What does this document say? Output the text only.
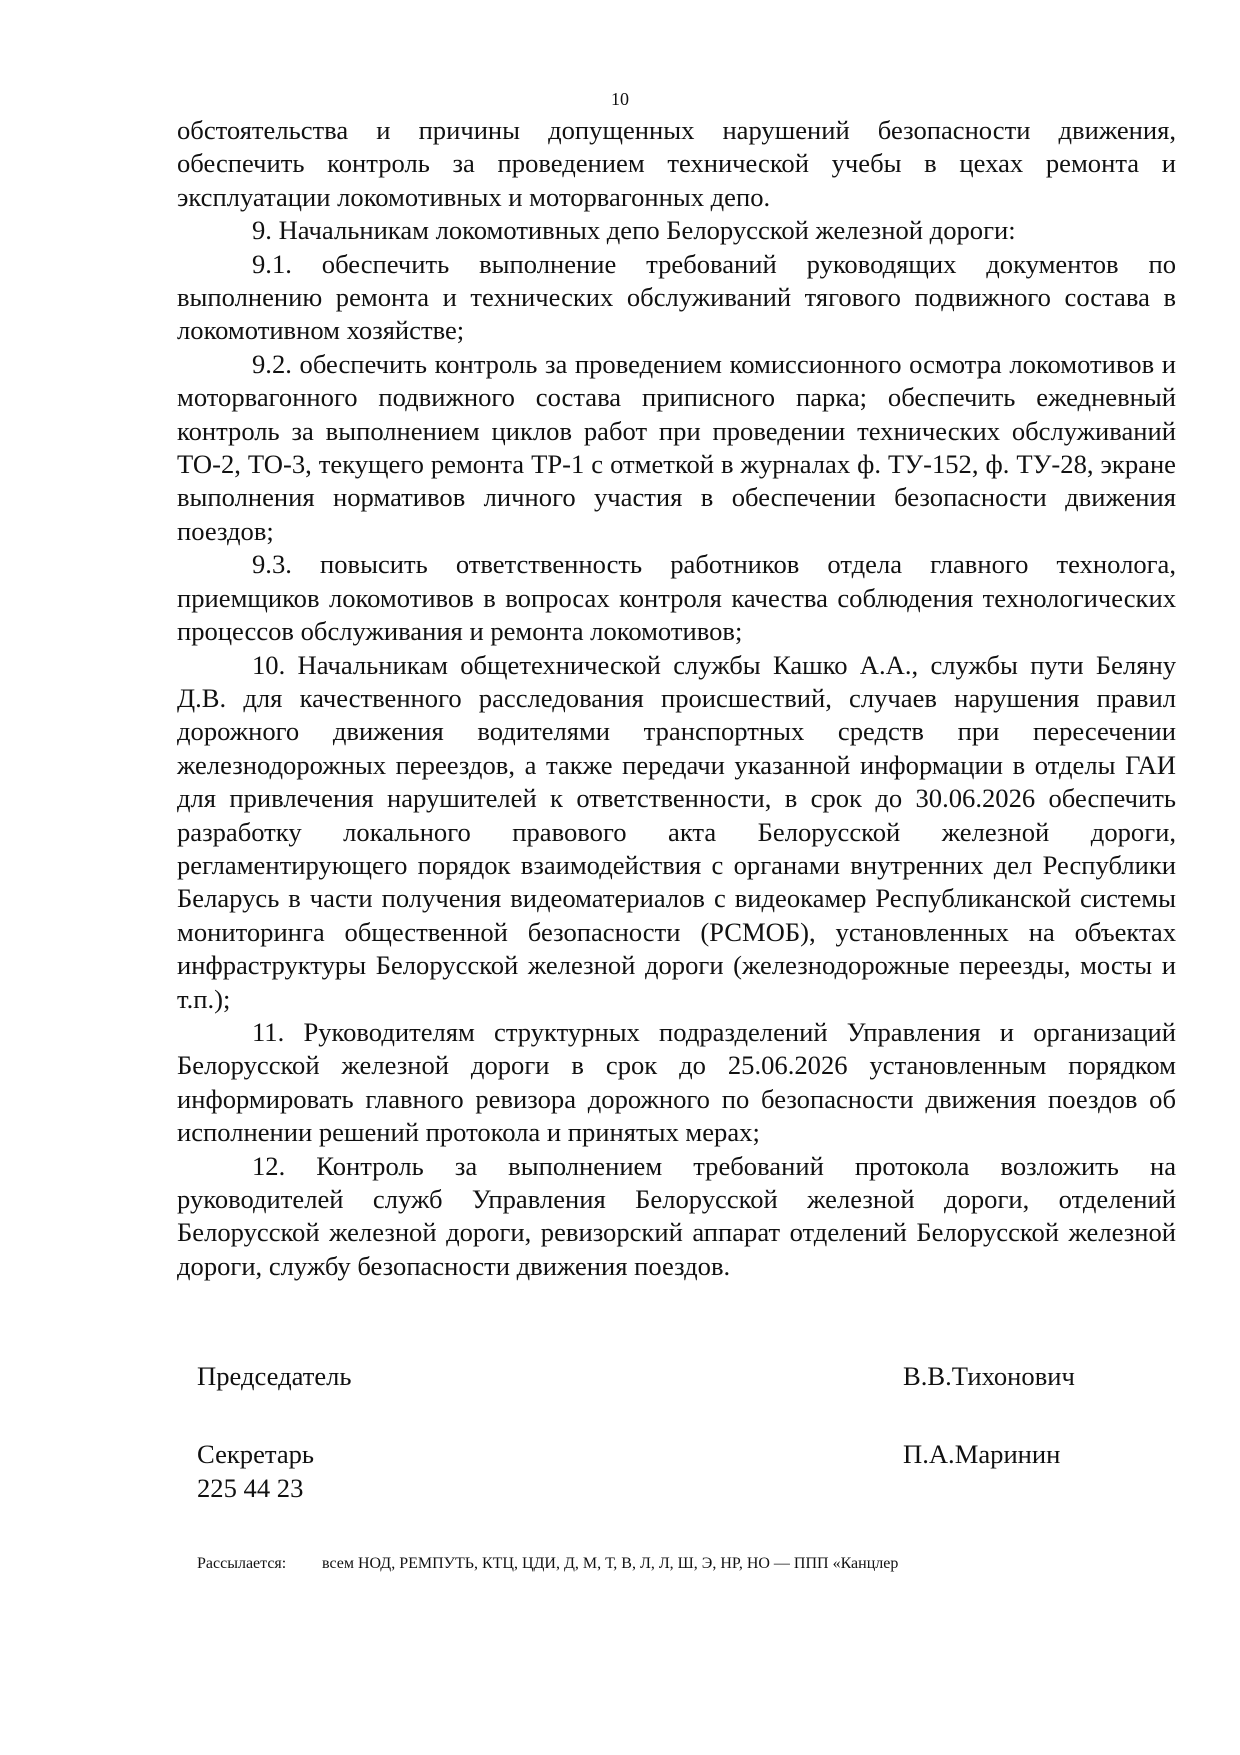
10

обстоятельства и причины допущенных нарушений безопасности движения, обеспечить контроль за проведением технической учебы в цехах ремонта и эксплуатации локомотивных и моторвагонных депо.

9. Начальникам локомотивных депо Белорусской железной дороги:

9.1. обеспечить выполнение требований руководящих документов по выполнению ремонта и технических обслуживаний тягового подвижного состава в локомотивном хозяйстве;

9.2. обеспечить контроль за проведением комиссионного осмотра локомотивов и моторвагонного подвижного состава приписного парка; обеспечить ежедневный контроль за выполнением циклов работ при проведении технических обслуживаний ТО-2, ТО-3, текущего ремонта ТР-1 с отметкой в журналах ф. ТУ-152, ф. ТУ-28, экране выполнения нормативов личного участия в обеспечении безопасности движения поездов;

9.3. повысить ответственность работников отдела главного технолога, приемщиков локомотивов в вопросах контроля качества соблюдения технологических процессов обслуживания и ремонта локомотивов;

10. Начальникам общетехнической службы Кашко А.А., службы пути Беляну Д.В. для качественного расследования происшествий, случаев нарушения правил дорожного движения водителями транспортных средств при пересечении железнодорожных переездов, а также передачи указанной информации в отделы ГАИ для привлечения нарушителей к ответственности, в срок до 30.06.2026 обеспечить разработку локального правового акта Белорусской железной дороги, регламентирующего порядок взаимодействия с органами внутренних дел Республики Беларусь в части получения видеоматериалов с видеокамер Республиканской системы мониторинга общественной безопасности (РСМОБ), установленных на объектах инфраструктуры Белорусской железной дороги (железнодорожные переезды, мосты и т.п.);

11. Руководителям структурных подразделений Управления и организаций Белорусской железной дороги в срок до 25.06.2026 установленным порядком информировать главного ревизора дорожного по безопасности движения поездов об исполнении решений протокола и принятых мерах;

12. Контроль за выполнением требований протокола возложить на руководителей служб Управления Белорусской железной дороги, отделений Белорусской железной дороги, ревизорский аппарат отделений Белорусской железной дороги, службу безопасности движения поездов.

Председатель	В.В.Тихонович
Секретарь	П.А.Маринин
225 44 23
Рассылается: всем НОД, РЕМПУТЬ, КТЦ, ЦДИ, Д, М, Т, В, Л, Л, Ш, Э, НР, НО — ППП «Канцлер
